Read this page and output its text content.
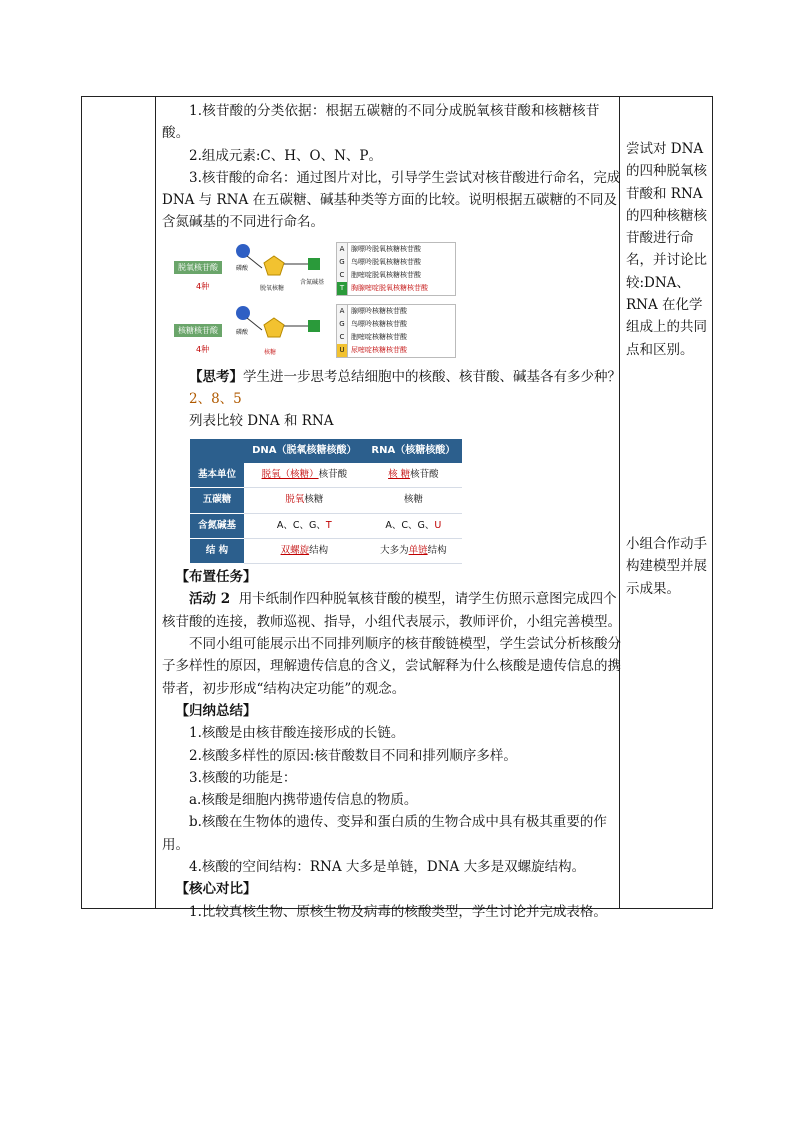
1.核苷酸的分类依据：根据五碳糖的不同分成脱氧核苷酸和核糖核苷酸。

2.组成元素:C、H、O、N、P。

3.核苷酸的命名：通过图片对比，引导学生尝试对核苷酸进行命名，完成 DNA 与 RNA 在五碳糖、碱基种类等方面的比较。说明根据五碳糖的不同及含氮碱基的不同进行命名。

脱氧核苷酸
4种
磷酸
脱氧核糖
含氮碱基
A 腺嘌呤脱氧核糖核苷酸
G 鸟嘌呤脱氧核糖核苷酸
C 胞嘧啶脱氧核糖核苷酸
T 胸腺嘧啶脱氧核糖核苷酸
核糖核苷酸
4种
磷酸
核糖
A 腺嘌呤核糖核苷酸
G 鸟嘌呤核糖核苷酸
C 胞嘧啶核糖核苷酸
U 尿嘧啶核糖核苷酸

【思考】学生进一步思考总结细胞中的核酸、核苷酸、碱基各有多少种？

2、8、5

列表比较 DNA 和 RNA

	DNA（脱氧核糖核酸）	RNA（核糖核酸）
基本单位	脱氧（核糖）核苷酸	核 糖核苷酸
五碳糖	脱氧核糖	核糖
含氮碱基	A、C、G、T	A、C、G、U
结 构	双螺旋结构	大多为单链结构

【布置任务】

活动 2 用卡纸制作四种脱氧核苷酸的模型，请学生仿照示意图完成四个核苷酸的连接，教师巡视、指导，小组代表展示，教师评价，小组完善模型。

不同小组可能展示出不同排列顺序的核苷酸链模型，学生尝试分析核酸分子多样性的原因，理解遗传信息的含义，尝试解释为什么核酸是遗传信息的携带者，初步形成“结构决定功能”的观念。

【归纳总结】

1.核酸是由核苷酸连接形成的长链。

2.核酸多样性的原因:核苷酸数目不同和排列顺序多样。

3.核酸的功能是：

a.核酸是细胞内携带遗传信息的物质。

b.核酸在生物体的遗传、变异和蛋白质的生物合成中具有极其重要的作用。

4.核酸的空间结构：RNA 大多是单链，DNA 大多是双螺旋结构。

【核心对比】

1.比较真核生物、原核生物及病毒的核酸类型，学生讨论并完成表格。

尝试对 DNA 的四种脱氧核苷酸和 RNA 的四种核糖核苷酸进行命名，并讨论比较:DNA、RNA 在化学组成上的共同点和区别。
小组合作动手构建模型并展示成果。
